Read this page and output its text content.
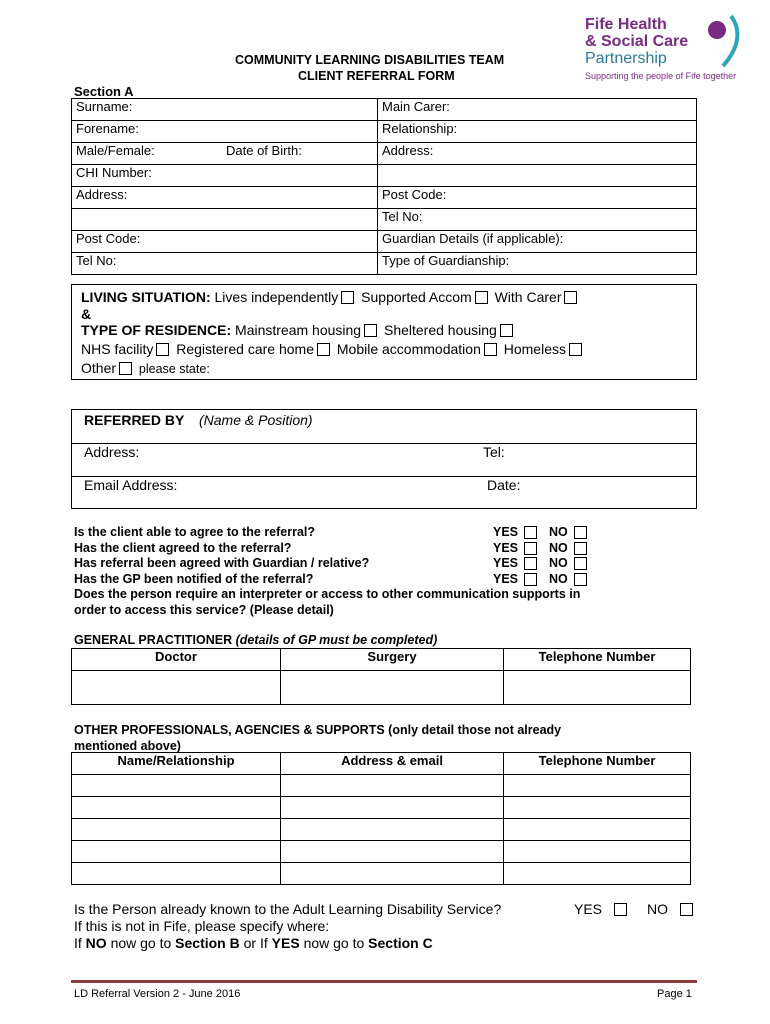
Fife Health
& Social Care
Partnership
Supporting the people of Fife together
COMMUNITY LEARNING DISABILITIES TEAM
CLIENT REFERRAL FORM
Section A
Surname:	Main Carer:
Forename:	Relationship:
Male/Female: Date of Birth:	Address:
CHI Number:	
Address:	Post Code:
	Tel No:
Post Code:	Guardian Details (if applicable):
Tel No:	Type of Guardianship:
LIVING SITUATION: Lives independently Supported Accom With Carer
&
TYPE OF RESIDENCE: Mainstream housing Sheltered housing
NHS facility Registered care home Mobile accommodation Homeless
Other please state:
REFERRED BY (Name & Position)
Address:	Tel:
Email Address:	Date:
Is the client able to agree to the referral?	YES NO
Has the client agreed to the referral?	YES NO
Has referral been agreed with Guardian / relative?	YES NO
Has the GP been notified of the referral?	YES NO
Does the person require an interpreter or access to other communication supports in
order to access this service? (Please detail)
GENERAL PRACTITIONER (details of GP must be completed)
Doctor	Surgery	Telephone Number

OTHER PROFESSIONALS, AGENCIES & SUPPORTS (only detail those not already
mentioned above)
Name/Relationship	Address & email	Telephone Number

Is the Person already known to the Adult Learning Disability Service?	YES	NO
If this is not in Fife, please specify where:
If NO now go to Section B or If YES now go to Section C
LD Referral Version 2 - June 2016	Page 1
